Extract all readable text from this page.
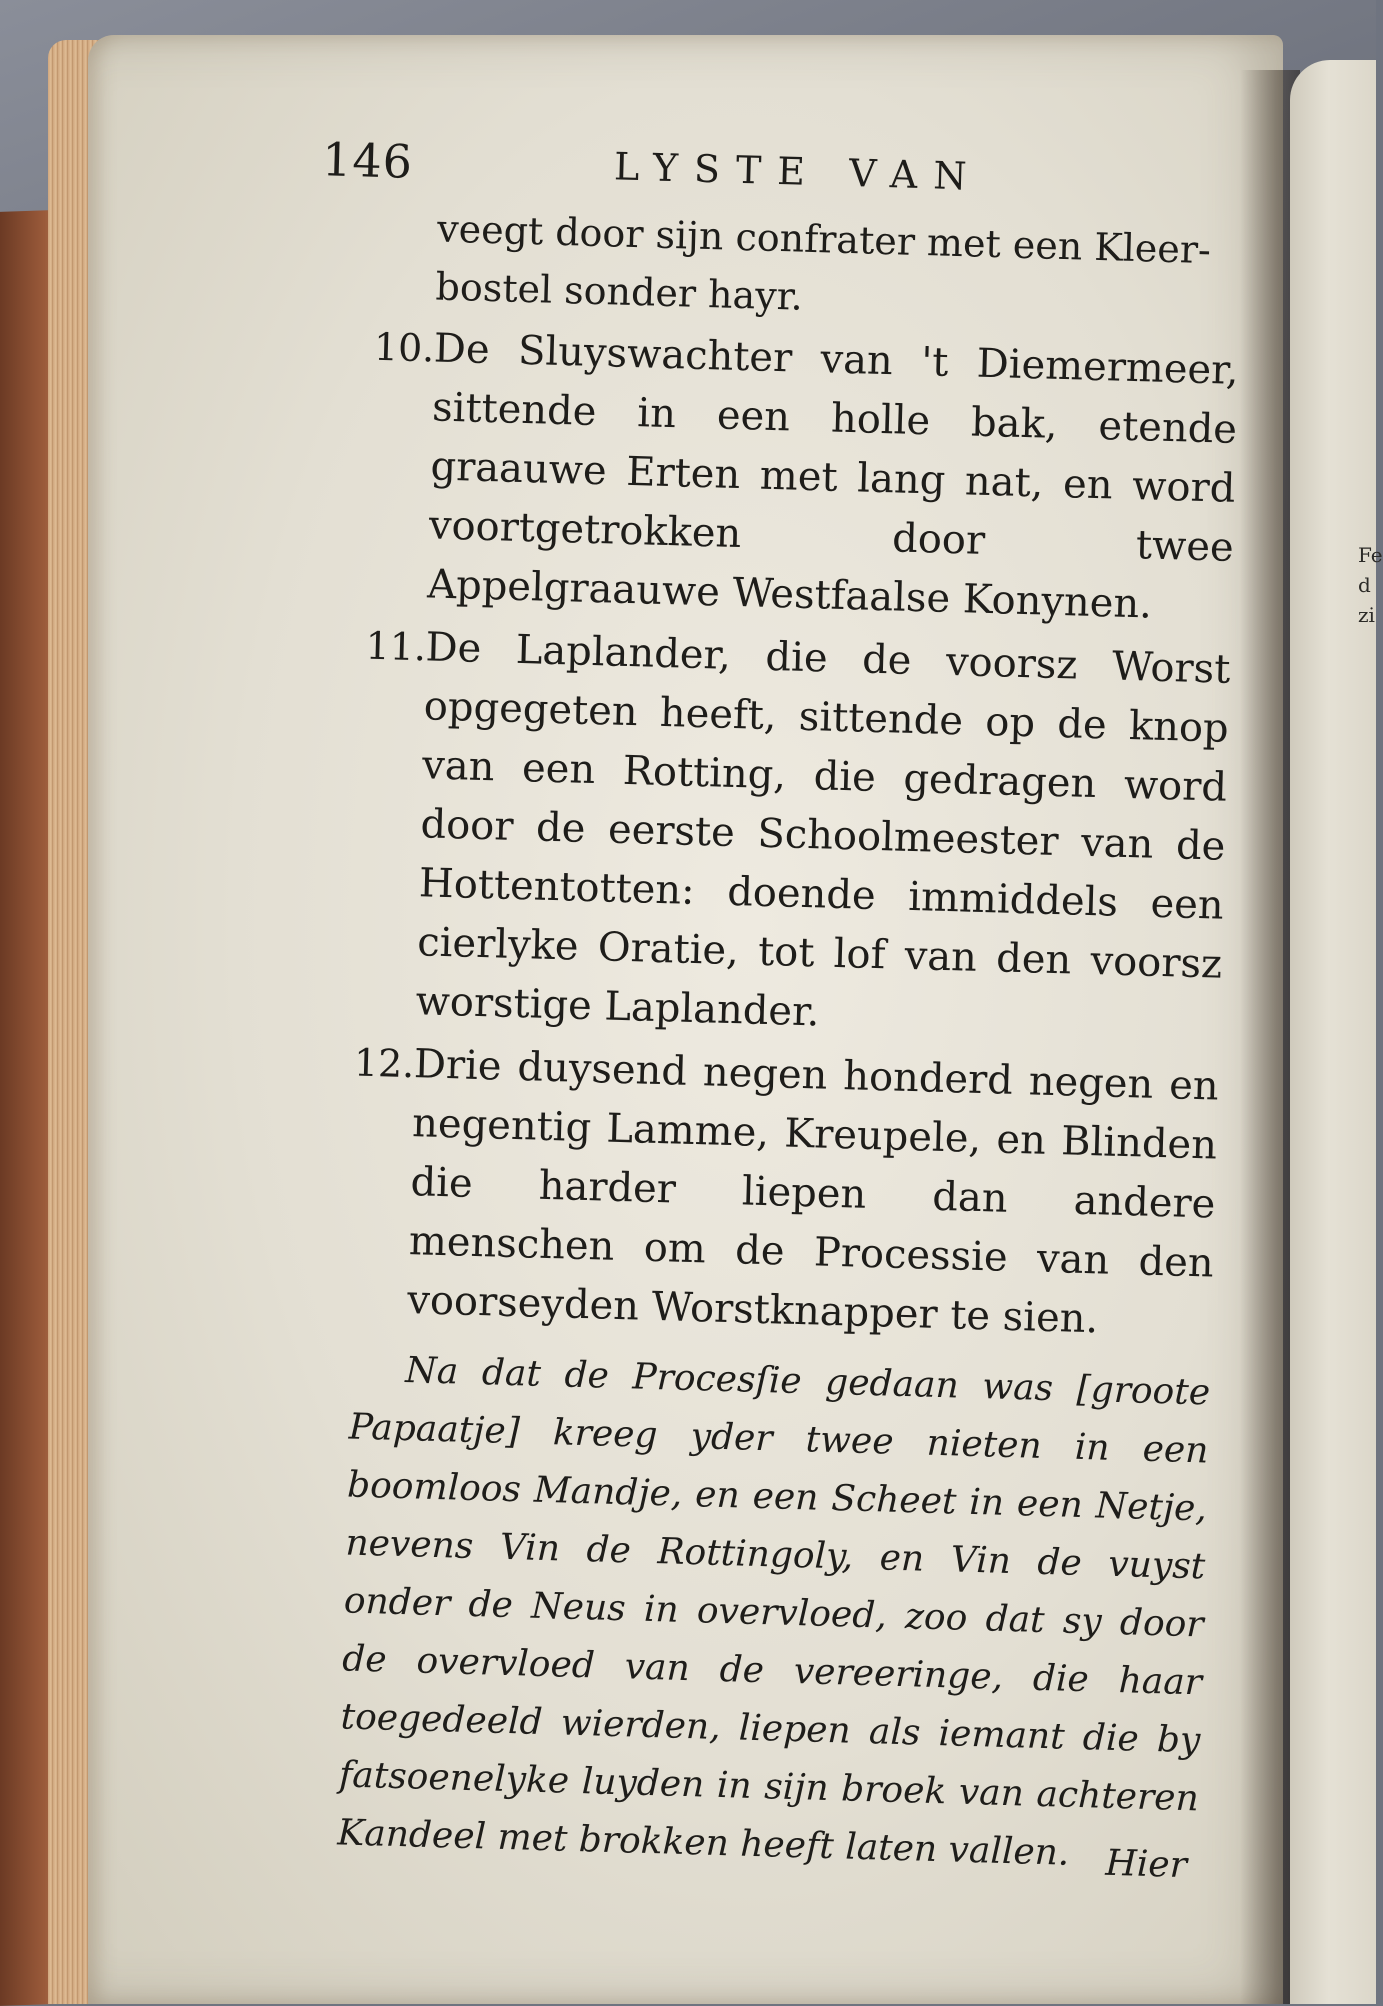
Fe d zi
146	LYSTE VAN
veegt door sijn confrater met een Kleer-bostel sonder hayr.
10.
De Sluyswachter van 't Diemermeer, sittende in een holle bak, etende graauwe Erten met lang nat, en word voortgetrokken door twee Appelgraauwe Westfaalse Konynen.
11.
De Laplander, die de voorsz Worst opgegeten heeft, sittende op de knop van een Rotting, die gedragen word door de eerste Schoolmeester van de Hottentotten: doende immiddels een cierlyke Oratie, tot lof van den voorsz worstige Laplander.
12.
Drie duysend negen honderd negen en negentig Lamme, Kreupele, en Blinden die harder liepen dan andere menschen om de Processie van den voorseyden Worstknapper te sien.
Na dat de Procesſie gedaan was [groote Papaatje] kreeg yder twee nieten in een boomloos Mandje, en een Scheet in een Netje, nevens Vin de Rottingoly, en Vin de vuyst onder de Neus in overvloed, zoo dat sy door de overvloed van de vereeringe, die haar toegedeeld wierden, liepen als iemant die by fatsoenelyke luyden in sijn broek van achteren Kandeel met brokken heeft laten vallen. Hier
